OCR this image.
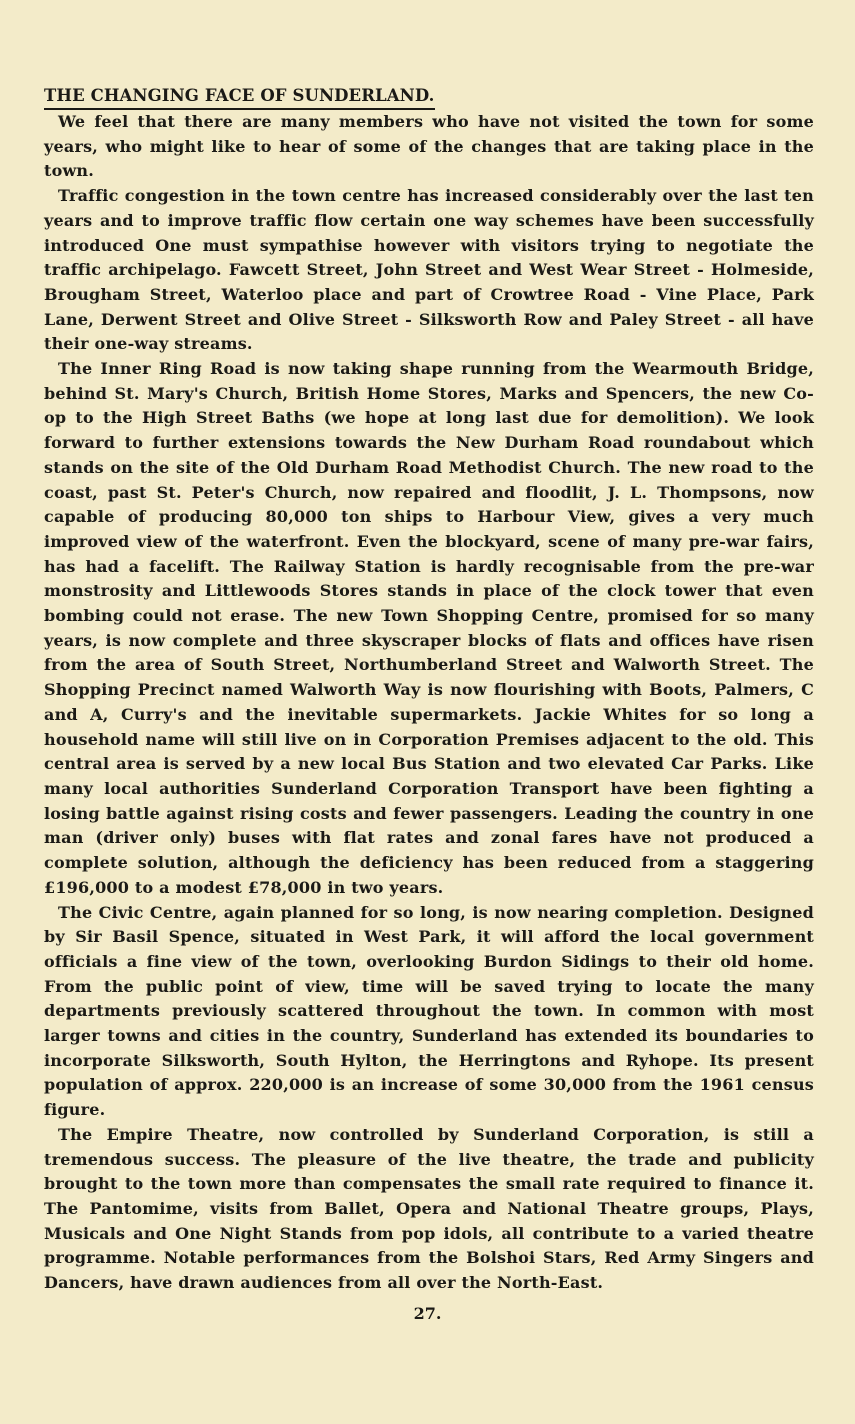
THE CHANGING FACE OF SUNDERLAND.

We feel that there are many members who have not visited the town for some years, who might like to hear of some of the changes that are taking place in the town.

Traffic congestion in the town centre has increased considerably over the last ten years and to improve traffic flow certain one way schemes have been successfully introduced One must sympathise however with visitors trying to negotiate the traffic archipelago. Fawcett Street, John Street and West Wear Street - Holmeside, Brougham Street, Waterloo place and part of Crowtree Road - Vine Place, Park Lane, Derwent Street and Olive Street - Silksworth Row and Paley Street - all have their one-way streams.

The Inner Ring Road is now taking shape running from the Wearmouth Bridge, behind St. Mary's Church, British Home Stores, Marks and Spencers, the new Co-op to the High Street Baths (we hope at long last due for demolition). We look forward to further extensions towards the New Durham Road roundabout which stands on the site of the Old Durham Road Methodist Church. The new road to the coast, past St. Peter's Church, now repaired and floodlit, J. L. Thompsons, now capable of producing 80,000 ton ships to Harbour View, gives a very much improved view of the waterfront. Even the blockyard, scene of many pre-war fairs, has had a facelift. The Railway Station is hardly recognisable from the pre-war monstrosity and Littlewoods Stores stands in place of the clock tower that even bombing could not erase. The new Town Shopping Centre, promised for so many years, is now complete and three skyscraper blocks of flats and offices have risen from the area of South Street, Northumberland Street and Walworth Street. The Shopping Precinct named Walworth Way is now flourishing with Boots, Palmers, C and A, Curry's and the inevitable supermarkets. Jackie Whites for so long a household name will still live on in Corporation Premises adjacent to the old. This central area is served by a new local Bus Station and two elevated Car Parks. Like many local authorities Sunderland Corporation Transport have been fighting a losing battle against rising costs and fewer passengers. Leading the country in one man (driver only) buses with flat rates and zonal fares have not produced a complete solution, although the deficiency has been reduced from a staggering £196,000 to a modest £78,000 in two years.

The Civic Centre, again planned for so long, is now nearing completion. Designed by Sir Basil Spence, situated in West Park, it will afford the local government officials a fine view of the town, overlooking Burdon Sidings to their old home. From the public point of view, time will be saved trying to locate the many departments previously scattered throughout the town. In common with most larger towns and cities in the country, Sunderland has extended its boundaries to incorporate Silksworth, South Hylton, the Herringtons and Ryhope. Its present population of approx. 220,000 is an increase of some 30,000 from the 1961 census figure.

The Empire Theatre, now controlled by Sunderland Corporation, is still a tremendous success. The pleasure of the live theatre, the trade and publicity brought to the town more than compensates the small rate required to finance it. The Pantomime, visits from Ballet, Opera and National Theatre groups, Plays, Musicals and One Night Stands from pop idols, all contribute to a varied theatre programme. Notable performances from the Bolshoi Stars, Red Army Singers and Dancers, have drawn audiences from all over the North-East.

27.
